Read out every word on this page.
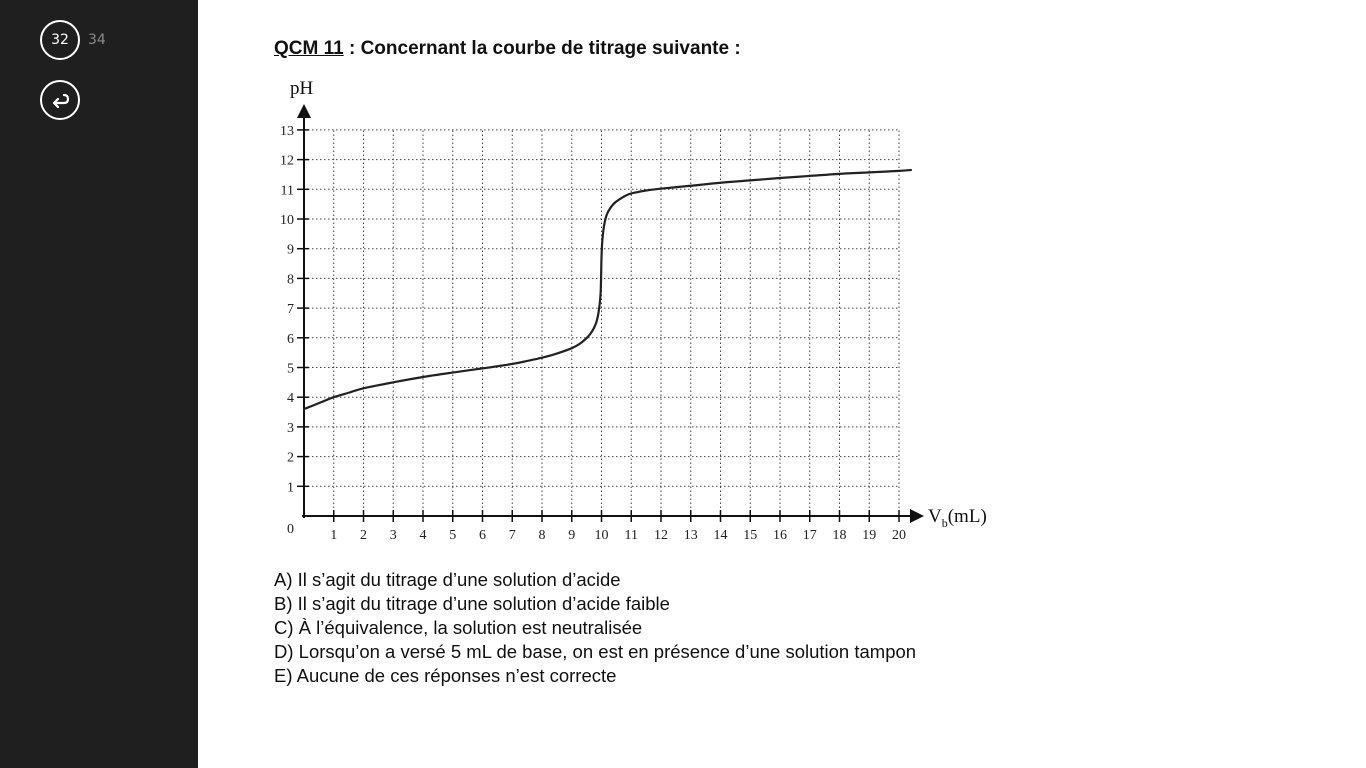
32	34	QCM 11 : Concernant la courbe de titrage suivante :
1 2 3 4 5 6 7 8 9 10 11 12 13 14 15 16 17 18 19 20
1
2
3
4
5
6
7
8
9
10
11
12
13
pH
0
$V_b(mL)$
A) Il s’agit du titrage d’une solution d’acide
B) Il s’agit du titrage d’une solution d’acide faible
C) À l’équivalence, la solution est neutralisée
D) Lorsqu’on a versé 5 mL de base, on est en présence d’une solution tampon
E) Aucune de ces réponses n’est correcte
